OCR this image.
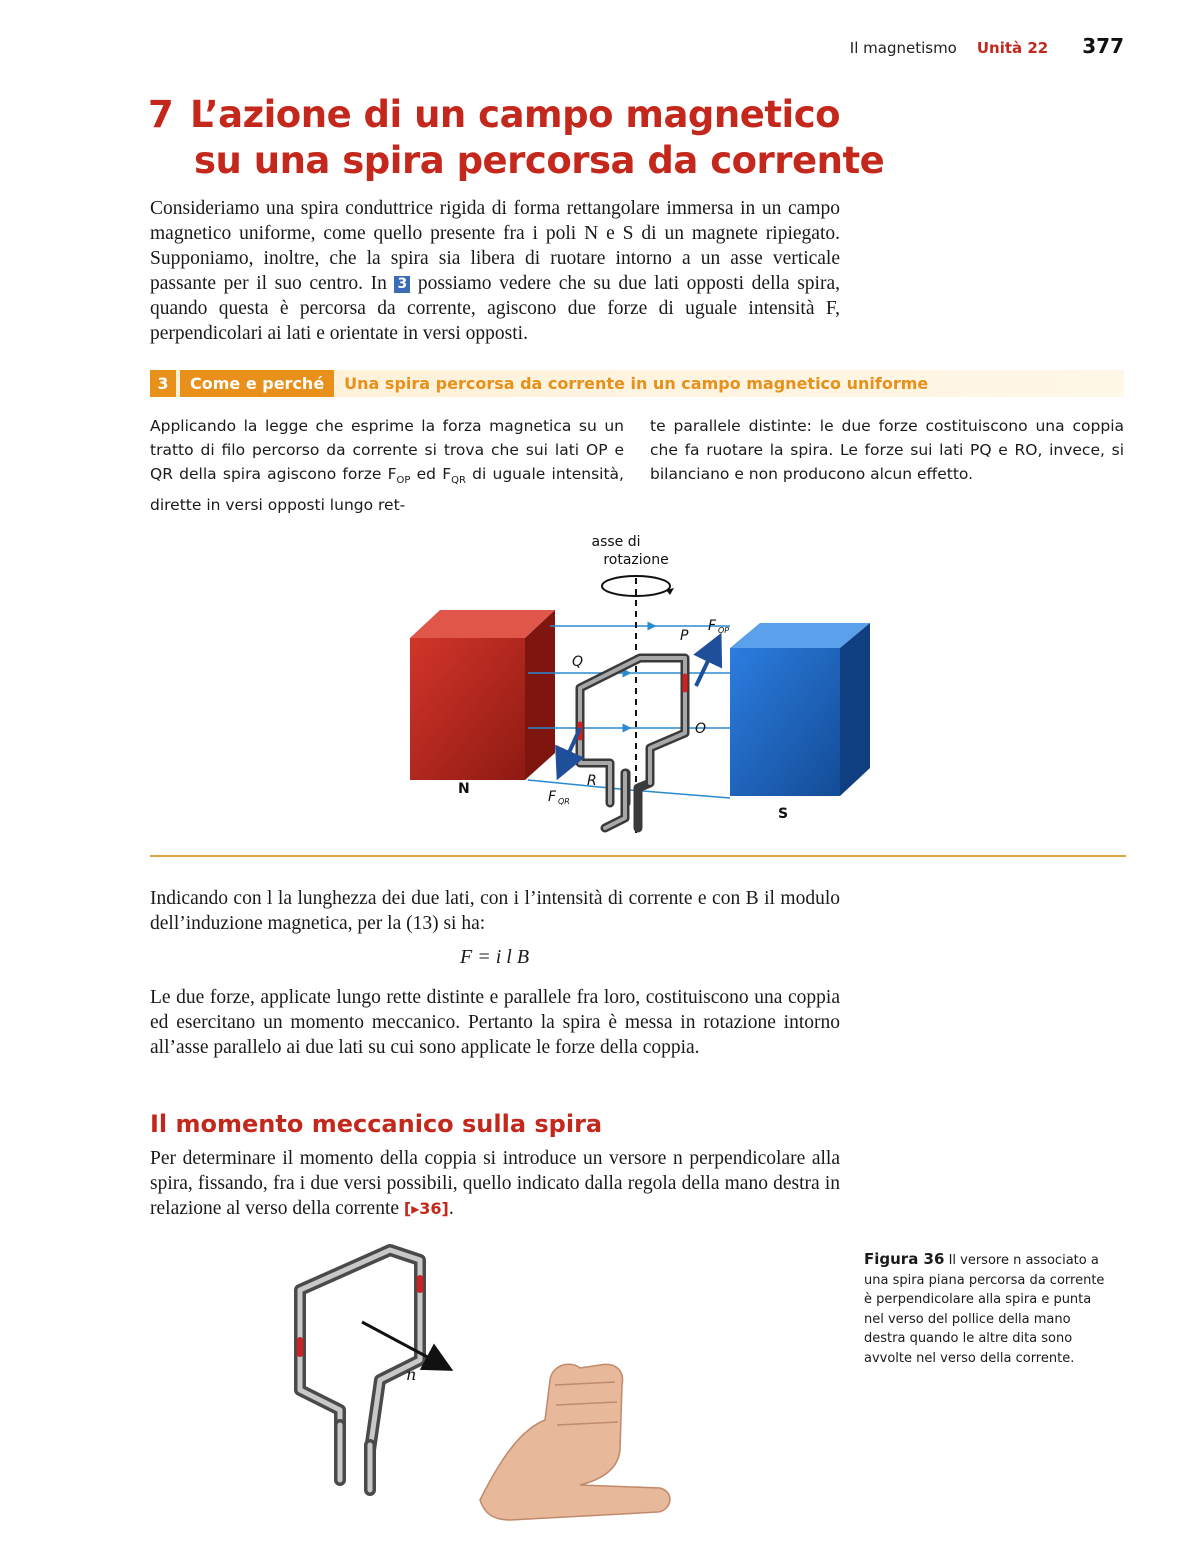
Il magnetismo Unità 22 377
7 L’azione di un campo magnetico
su una spira percorsa da corrente

Consideriamo una spira conduttrice rigida di forma rettangolare immersa in un campo magnetico uniforme, come quello presente fra i poli N e S di un magnete ripiegato. Supponiamo, inoltre, che la spira sia libera di ruotare intorno a un asse verticale passante per il suo centro. In 3 possiamo vedere che su due lati opposti della spira, quando questa è percorsa da corrente, agiscono due forze di uguale intensità F, perpendicolari ai lati e orientate in versi opposti.

3	Come e perché	Una spira percorsa da corrente in un campo magnetico uniforme

Applicando la legge che esprime la forza magnetica su un tratto di filo percorso da corrente si trova che sui lati OP e QR della spira agiscono forze $F_{OP}$ ed $F_{QR}$ di uguale intensità, dirette in versi opposti lungo ret-

te parallele distinte: le due forze costituiscono una coppia che fa ruotare la spira. Le forze sui lati PQ e RO, invece, si bilanciano e non producono alcun effetto.

asse di
rotazione
N
S
P
Q
O
R
F OP
F QR

Indicando con l la lunghezza dei due lati, con i l’intensità di corrente e con B il modulo dell’induzione magnetica, per la (13) si ha:

F = i l B

Le due forze, applicate lungo rette distinte e parallele fra loro, costituiscono una coppia ed esercitano un momento meccanico. Pertanto la spira è messa in rotazione intorno all’asse parallelo ai due lati su cui sono applicate le forze della coppia.

Il momento meccanico sulla spira

Per determinare il momento della coppia si introduce un versore n perpendicolare alla spira, fissando, fra i due versi possibili, quello indicato dalla regola della mano destra in relazione al verso della corrente [▸36].

n
Figura 36 Il versore n associato a una spira piana percorsa da corrente è perpendicolare alla spira e punta nel verso del pollice della mano destra quando le altre dita sono avvolte nel verso della corrente.
